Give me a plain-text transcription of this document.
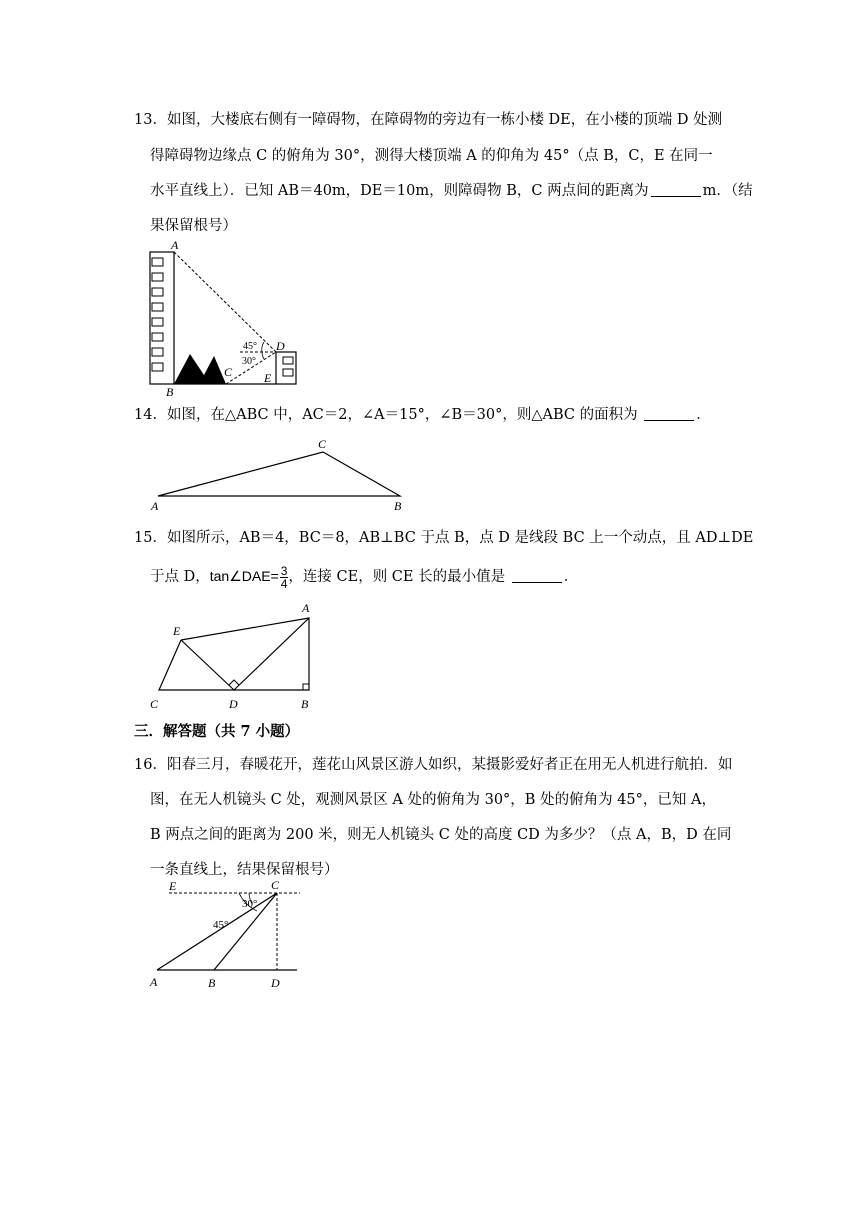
13．如图，大楼底右侧有一障碍物，在障碍物的旁边有一栋小楼 DE，在小楼的顶端 D 处测
得障碍物边缘点 C 的俯角为 30°，测得大楼顶端 A 的仰角为 45°（点 B，C，E 在同一
水平直线上）．已知 AB＝40m，DE＝10m，则障碍物 B，C 两点间的距离为	m．（结
果保留根号）
A
B
C
D
E
45°
30°
14．如图，在△ABC 中，AC＝2，∠A＝15°，∠B＝30°，则△ABC 的面积为	．
A
C
B
15．如图所示，AB＝4，BC＝8，AB⊥BC 于点 B，点 D 是线段 BC 上一个动点，且 AD⊥DE
于点 D，tan∠DAE= $\frac{3}{4}$ ，连接 CE，则 CE 长的最小值是	．
A
E
C	D	B
三．解答题（共 7 小题）
16．阳春三月，春暖花开，莲花山风景区游人如织，某摄影爱好者正在用无人机进行航拍．如
图，在无人机镜头 C 处，观测风景区 A 处的俯角为 30°，B 处的俯角为 45°，已知 A，
B 两点之间的距离为 200 米，则无人机镜头 C 处的高度 CD 为多少？（点 A，B，D 在同
一条直线上，结果保留根号）
E	C
A	B	D
30°
45°
